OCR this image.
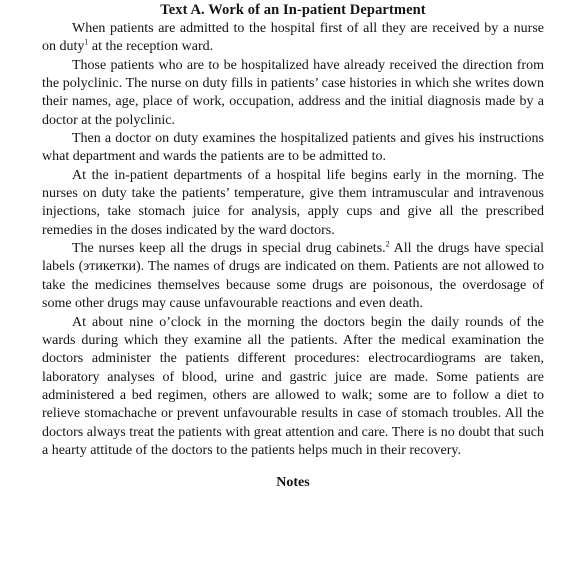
Text A. Work of an In-patient Department

When patients are admitted to the hospital first of all they are received by a nurse on duty$^1$ at the reception ward.

Those patients who are to be hospitalized have already received the direction from the polyclinic. The nurse on duty fills in patients’ case histories in which she writes down their names, age, place of work, occupation, address and the initial diagnosis made by a doctor at the polyclinic.

Then a doctor on duty examines the hospitalized patients and gives his instructions what department and wards the patients are to be admitted to.

At the in-patient departments of a hospital life begins early in the morning. The nurses on duty take the patients’ temperature, give them intramuscular and intravenous injections, take stomach juice for analysis, apply cups and give all the prescribed remedies in the doses indicated by the ward doctors.

The nurses keep all the drugs in special drug cabinets.$^2$ All the drugs have special labels (этикетки). The names of drugs are indicated on them. Patients are not allowed to take the medicines themselves because some drugs are poisonous, the overdosage of some other drugs may cause unfavourable reactions and even death.

At about nine o’clock in the morning the doctors begin the daily rounds of the wards during which they examine all the patients. After the medical examination the doctors administer the patients different procedures: electrocardiograms are taken, laboratory analyses of blood, urine and gastric juice are made. Some patients are administered a bed regimen, others are allowed to walk; some are to follow a diet to relieve stomachache or prevent unfavourable results in case of stomach troubles. All the doctors always treat the patients with great attention and care. There is no doubt that such a hearty attitude of the doctors to the patients helps much in their recovery.

Notes
